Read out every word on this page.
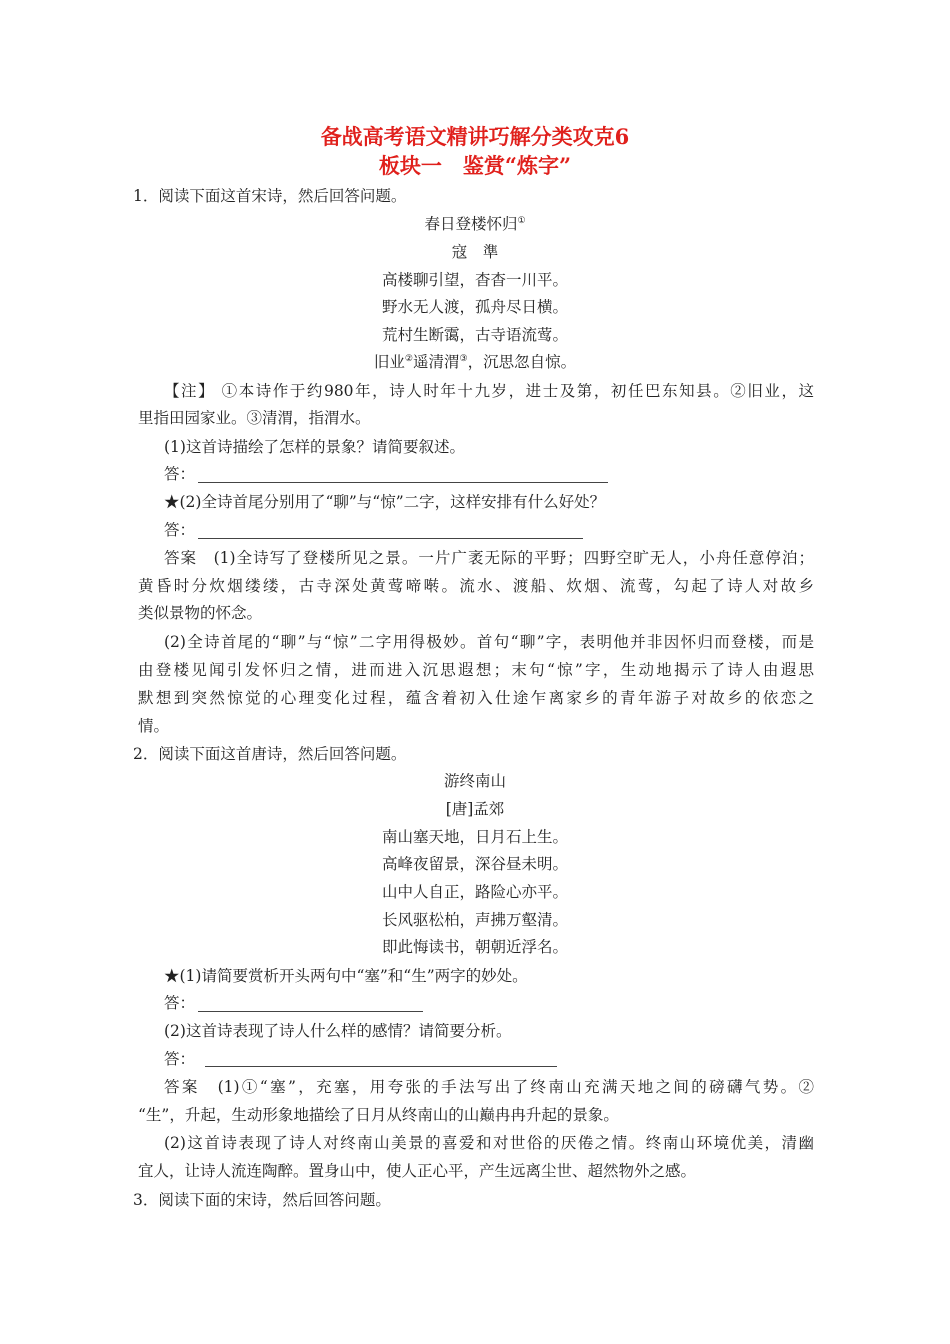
备战高考语文精讲巧解分类攻克6
板块一　鉴赏“炼字”
1．阅读下面这首宋诗，然后回答问题。
春日登楼怀归①
寇　準
高楼聊引望，杳杳一川平。
野水无人渡，孤舟尽日横。
荒村生断霭，古寺语流莺。
旧业②遥清渭③，沉思忽自惊。
【注】 ①本诗作于约980年，诗人时年十九岁，进士及第，初任巴东知县。②旧业，这
里指田园家业。③清渭，指渭水。
(1)这首诗描绘了怎样的景象？请简要叙述。
答：
★(2)全诗首尾分别用了“聊”与“惊”二字，这样安排有什么好处？
答：
答案　(1)全诗写了登楼所见之景。一片广袤无际的平野；四野空旷无人，小舟任意停泊；
黄昏时分炊烟缕缕，古寺深处黄莺啼啭。流水、渡船、炊烟、流莺，勾起了诗人对故乡
类似景物的怀念。
(2)全诗首尾的“聊”与“惊”二字用得极妙。首句“聊”字，表明他并非因怀归而登楼，而是
由登楼见闻引发怀归之情，进而进入沉思遐想；末句“惊”字，生动地揭示了诗人由遐思
默想到突然惊觉的心理变化过程，蕴含着初入仕途乍离家乡的青年游子对故乡的依恋之
情。
2．阅读下面这首唐诗，然后回答问题。
游终南山
[唐]孟郊
南山塞天地，日月石上生。
高峰夜留景，深谷昼未明。
山中人自正，路险心亦平。
长风驱松柏，声拂万壑清。
即此悔读书，朝朝近浮名。
★(1)请简要赏析开头两句中“塞”和“生”两字的妙处。
答：
(2)这首诗表现了诗人什么样的感情？请简要分析。
答：
答案　(1)①“塞”，充塞，用夸张的手法写出了终南山充满天地之间的磅礴气势。②
“生”，升起，生动形象地描绘了日月从终南山的山巅冉冉升起的景象。
(2)这首诗表现了诗人对终南山美景的喜爱和对世俗的厌倦之情。终南山环境优美，清幽
宜人，让诗人流连陶醉。置身山中，使人正心平，产生远离尘世、超然物外之感。
3．阅读下面的宋诗，然后回答问题。
